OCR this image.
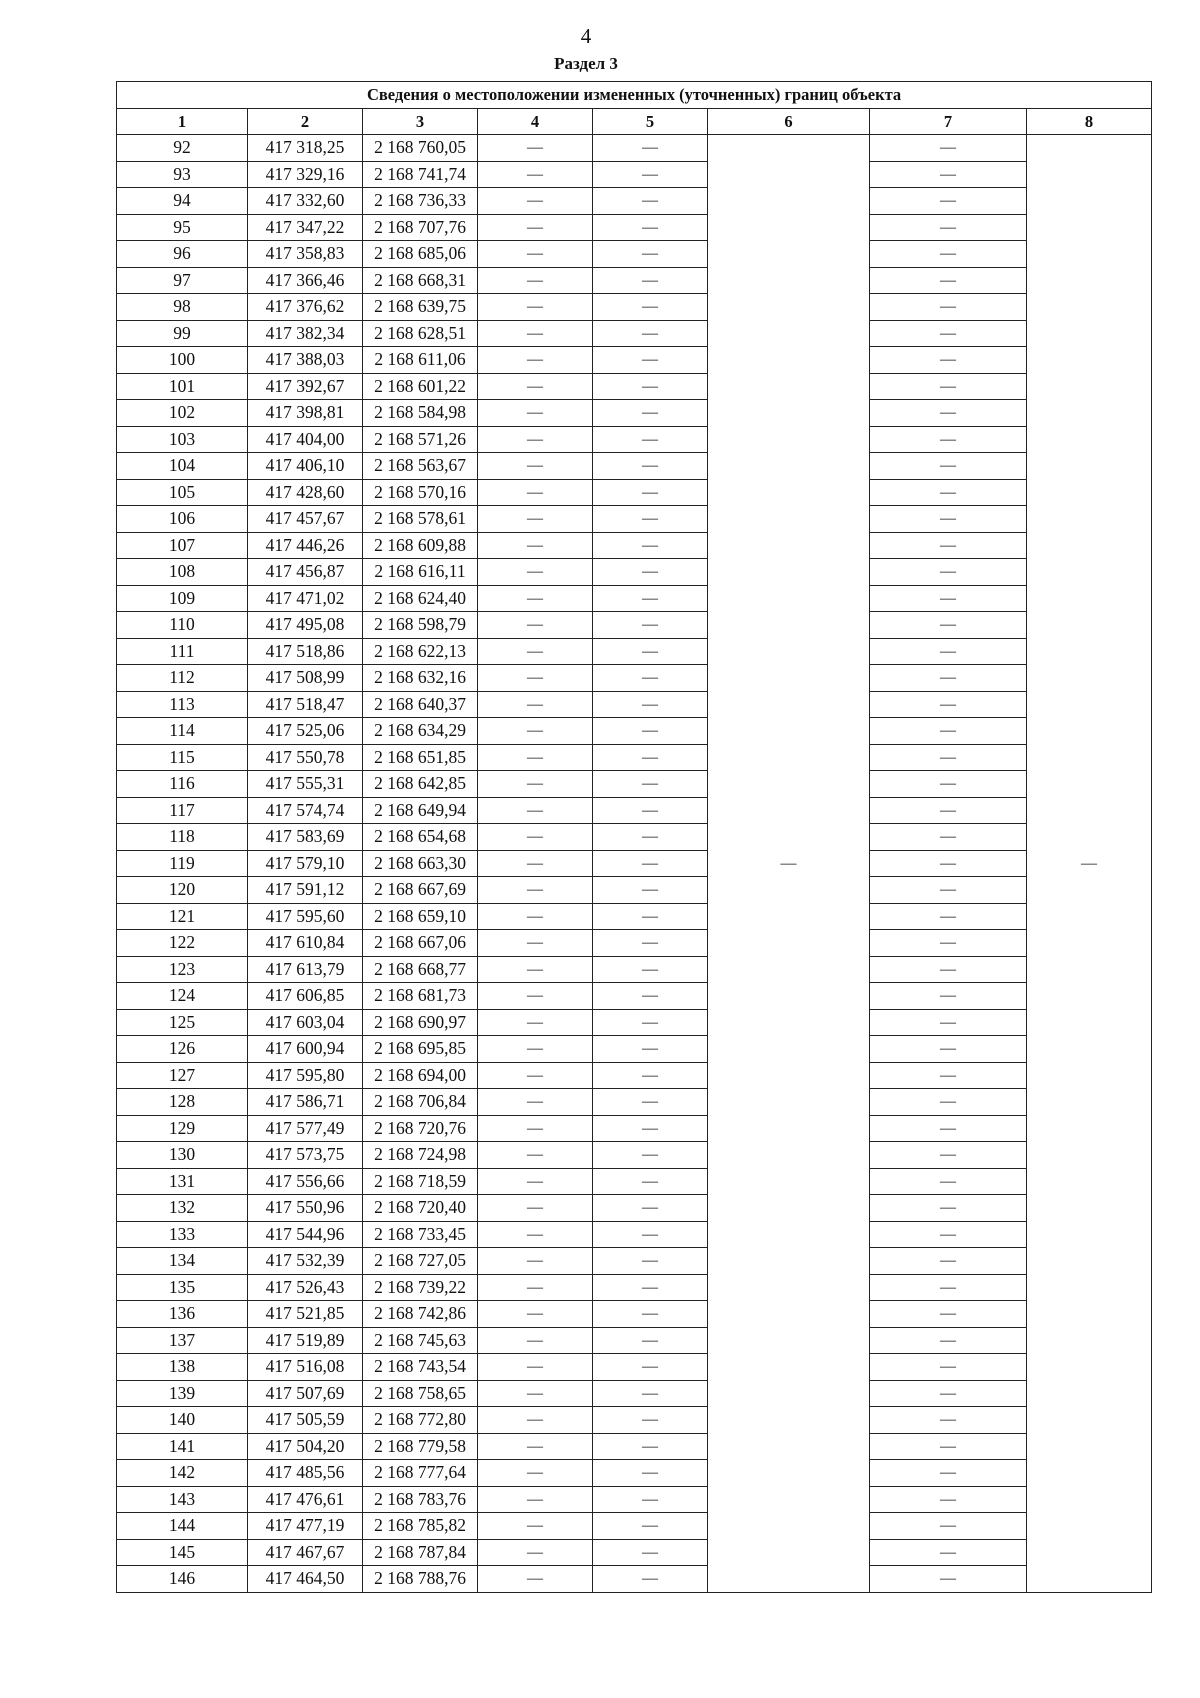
4
Раздел 3
Сведения о местоположении измененных (уточненных) границ объекта							
1	2	3	4	5	6	7	8
92	417 318,25	2 168 760,05	—	—	—	—	—
93	417 329,16	2 168 741,74	—	—		—	
94	417 332,60	2 168 736,33	—	—		—	
95	417 347,22	2 168 707,76	—	—		—	
96	417 358,83	2 168 685,06	—	—		—	
97	417 366,46	2 168 668,31	—	—		—	
98	417 376,62	2 168 639,75	—	—		—	
99	417 382,34	2 168 628,51	—	—		—	
100	417 388,03	2 168 611,06	—	—		—	
101	417 392,67	2 168 601,22	—	—		—	
102	417 398,81	2 168 584,98	—	—		—	
103	417 404,00	2 168 571,26	—	—		—	
104	417 406,10	2 168 563,67	—	—		—	
105	417 428,60	2 168 570,16	—	—		—	
106	417 457,67	2 168 578,61	—	—		—	
107	417 446,26	2 168 609,88	—	—		—	
108	417 456,87	2 168 616,11	—	—		—	
109	417 471,02	2 168 624,40	—	—		—	
110	417 495,08	2 168 598,79	—	—		—	
111	417 518,86	2 168 622,13	—	—		—	
112	417 508,99	2 168 632,16	—	—		—	
113	417 518,47	2 168 640,37	—	—		—	
114	417 525,06	2 168 634,29	—	—		—	
115	417 550,78	2 168 651,85	—	—		—	
116	417 555,31	2 168 642,85	—	—		—	
117	417 574,74	2 168 649,94	—	—		—	
118	417 583,69	2 168 654,68	—	—		—	
119	417 579,10	2 168 663,30	—	—		—	
120	417 591,12	2 168 667,69	—	—		—	
121	417 595,60	2 168 659,10	—	—		—	
122	417 610,84	2 168 667,06	—	—		—	
123	417 613,79	2 168 668,77	—	—		—	
124	417 606,85	2 168 681,73	—	—		—	
125	417 603,04	2 168 690,97	—	—		—	
126	417 600,94	2 168 695,85	—	—		—	
127	417 595,80	2 168 694,00	—	—		—	
128	417 586,71	2 168 706,84	—	—		—	
129	417 577,49	2 168 720,76	—	—		—	
130	417 573,75	2 168 724,98	—	—		—	
131	417 556,66	2 168 718,59	—	—		—	
132	417 550,96	2 168 720,40	—	—		—	
133	417 544,96	2 168 733,45	—	—		—	
134	417 532,39	2 168 727,05	—	—		—	
135	417 526,43	2 168 739,22	—	—		—	
136	417 521,85	2 168 742,86	—	—		—	
137	417 519,89	2 168 745,63	—	—		—	
138	417 516,08	2 168 743,54	—	—		—	
139	417 507,69	2 168 758,65	—	—		—	
140	417 505,59	2 168 772,80	—	—		—	
141	417 504,20	2 168 779,58	—	—		—	
142	417 485,56	2 168 777,64	—	—		—	
143	417 476,61	2 168 783,76	—	—		—	
144	417 477,19	2 168 785,82	—	—		—	
145	417 467,67	2 168 787,84	—	—		—	
146	417 464,50	2 168 788,76	—	—		—	
